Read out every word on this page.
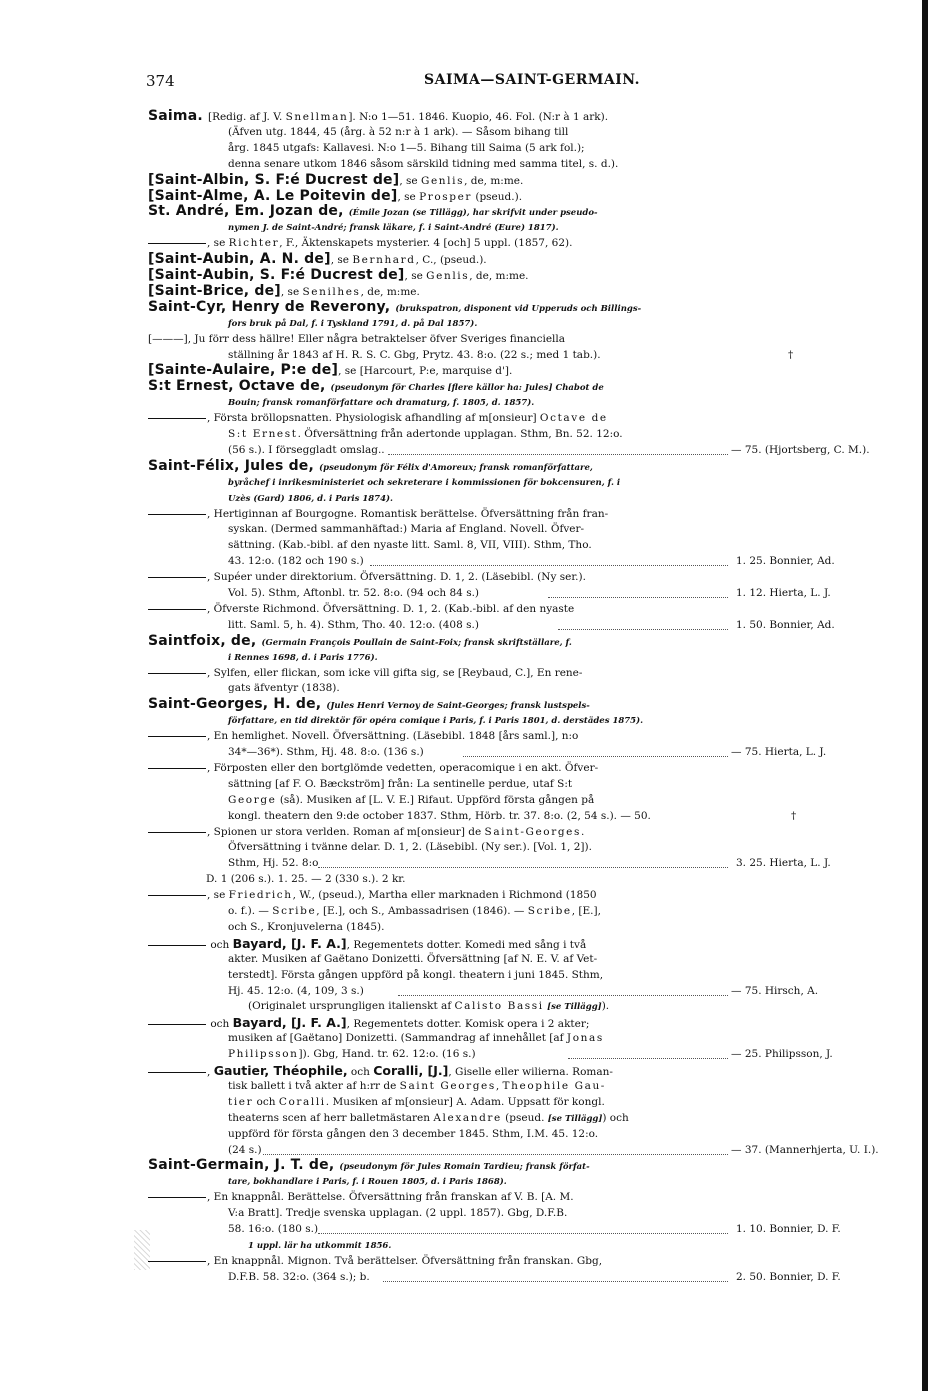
374	SAIMA—SAINT-GERMAIN.
Saima. [Redig. af J. V. Snellman]. N:o 1—51. 1846. Kuopio, 46. Fol. (N:r à 1 ark).
(Äfven utg. 1844, 45 (årg. à 52 n:r à 1 ark). — Såsom bihang till
årg. 1845 utgafs: Kallavesi. N:o 1—5. Bihang till Saima (5 ark fol.);
denna senare utkom 1846 såsom särskild tidning med samma titel, s. d.).
[Saint-Albin, S. F:é Ducrest de], se Genlis, de, m:me.
[Saint-Alme, A. Le Poitevin de], se Prosper (pseud.).
St. André, Em. Jozan de, (Émile Jozan (se Tillägg), har skrifvit under pseudo-
nymen J. de Saint-André; fransk läkare, f. i Saint-André (Eure) 1817).
, se Richter, F., Äktenskapets mysterier. 4 [och] 5 uppl. (1857, 62).
[Saint-Aubin, A. N. de], se Bernhard, C., (pseud.).
[Saint-Aubin, S. F:é Ducrest de], se Genlis, de, m:me.
[Saint-Brice, de], se Senilhes, de, m:me.
Saint-Cyr, Henry de Reverony, (brukspatron, disponent vid Upperuds och Billings-
fors bruk på Dal, f. i Tyskland 1791, d. på Dal 1857).
[———], Ju förr dess hällre! Eller några betraktelser öfver Sveriges financiella
ställning år 1843 af H. R. S. C. Gbg, Prytz. 43. 8:o. (22 s.; med 1 tab.).	†
[Sainte-Aulaire, P:e de], se [Harcourt, P:e, marquise d'].
S:t Ernest, Octave de, (pseudonym för Charles [flere källor ha: Jules] Chabot de
Bouin; fransk romanförfattare och dramaturg, f. 1805, d. 1857).
, Första bröllopsnatten. Physiologisk afhandling af m[onsieur] Octave de
S:t Ernest. Öfversättning från adertonde upplagan. Sthm, Bn. 52. 12:o.
(56 s.). I förseggladt omslag..	— 75. (Hjortsberg, C. M.).
Saint-Félix, Jules de, (pseudonym för Félix d'Amoreux; fransk romanförfattare,
byråchef i inrikesministeriet och sekreterare i kommissionen för bokcensuren, f. i
Uzès (Gard) 1806, d. i Paris 1874).
, Hertiginnan af Bourgogne. Romantisk berättelse. Öfversättning från fran-
syskan. (Dermed sammanhäftad:) Maria af England. Novell. Öfver-
sättning. (Kab.-bibl. af den nyaste litt. Saml. 8, VII, VIII). Sthm, Tho.
43. 12:o. (182 och 190 s.)	1. 25. Bonnier, Ad.
, Supéer under direktorium. Öfversättning. D. 1, 2. (Läsebibl. (Ny ser.).
Vol. 5). Sthm, Aftonbl. tr. 52. 8:o. (94 och 84 s.)	1. 12. Hierta, L. J.
, Öfverste Richmond. Öfversättning. D. 1, 2. (Kab.-bibl. af den nyaste
litt. Saml. 5, h. 4). Sthm, Tho. 40. 12:o. (408 s.)	1. 50. Bonnier, Ad.
Saintfoix, de, (Germain François Poullain de Saint-Foix; fransk skriftställare, f.
i Rennes 1698, d. i Paris 1776).
, Sylfen, eller flickan, som icke vill gifta sig, se [Reybaud, C.], En rene-
gats äfventyr (1838).
Saint-Georges, H. de, (Jules Henri Vernoy de Saint-Georges; fransk lustspels-
författare, en tid direktör för opéra comique i Paris, f. i Paris 1801, d. derstädes 1875).
, En hemlighet. Novell. Öfversättning. (Läsebibl. 1848 [års saml.], n:o
34*—36*). Sthm, Hj. 48. 8:o. (136 s.)	— 75. Hierta, L. J.
, Förposten eller den bortglömde vedetten, operacomique i en akt. Öfver-
sättning [af F. O. Bæckström] från: La sentinelle perdue, utaf S:t
George (så). Musiken af [L. V. E.] Rifaut. Uppförd första gången på
kongl. theatern den 9:de october 1837. Sthm, Hörb. tr. 37. 8:o. (2, 54 s.). — 50.	†
, Spionen ur stora verlden. Roman af m[onsieur] de Saint-Georges.
Öfversättning i tvänne delar. D. 1, 2. (Läsebibl. (Ny ser.). [Vol. 1, 2]).
Sthm, Hj. 52. 8:o	3. 25. Hierta, L. J.
D. 1 (206 s.). 1. 25. — 2 (330 s.). 2 kr.
, se Friedrich, W., (pseud.), Martha eller marknaden i Richmond (1850
o. f.). — Scribe, [E.], och S., Ambassadrisen (1846). — Scribe, [E.],
och S., Kronjuvelerna (1845).
och Bayard, [J. F. A.], Regementets dotter. Komedi med sång i två
akter. Musiken af Gaëtano Donizetti. Öfversättning [af N. E. V. af Vet-
terstedt]. Första gången uppförd på kongl. theatern i juni 1845. Sthm,
Hj. 45. 12:o. (4, 109, 3 s.)	— 75. Hirsch, A.
(Originalet ursprungligen italienskt af Calisto Bassi [se Tillägg]).
och Bayard, [J. F. A.], Regementets dotter. Komisk opera i 2 akter;
musiken af [Gaëtano] Donizetti. (Sammandrag af innehållet [af Jonas
Philipsson]). Gbg, Hand. tr. 62. 12:o. (16 s.)	— 25. Philipsson, J.
, Gautier, Théophile, och Coralli, [J.], Giselle eller wilierna. Roman-
tisk ballett i två akter af h:rr de Saint Georges, Theophile Gau-
tier och Coralli. Musiken af m[onsieur] A. Adam. Uppsatt för kongl.
theaterns scen af herr balletmästaren Alexandre (pseud. [se Tillägg]) och
uppförd för första gången den 3 december 1845. Sthm, I.M. 45. 12:o.
(24 s.)	— 37. (Mannerhjerta, U. I.).
Saint-Germain, J. T. de, (pseudonym för Jules Romain Tardieu; fransk förfat-
tare, bokhandlare i Paris, f. i Rouen 1805, d. i Paris 1868).
, En knappnål. Berättelse. Öfversättning från franskan af V. B. [A. M.
V:a Bratt]. Tredje svenska upplagan. (2 uppl. 1857). Gbg, D.F.B.
58. 16:o. (180 s.)	1. 10. Bonnier, D. F.
1 uppl. lär ha utkommit 1856.
, En knappnål. Mignon. Två berättelser. Öfversättning från franskan. Gbg,
D.F.B. 58. 32:o. (364 s.); b.	2. 50. Bonnier, D. F.
